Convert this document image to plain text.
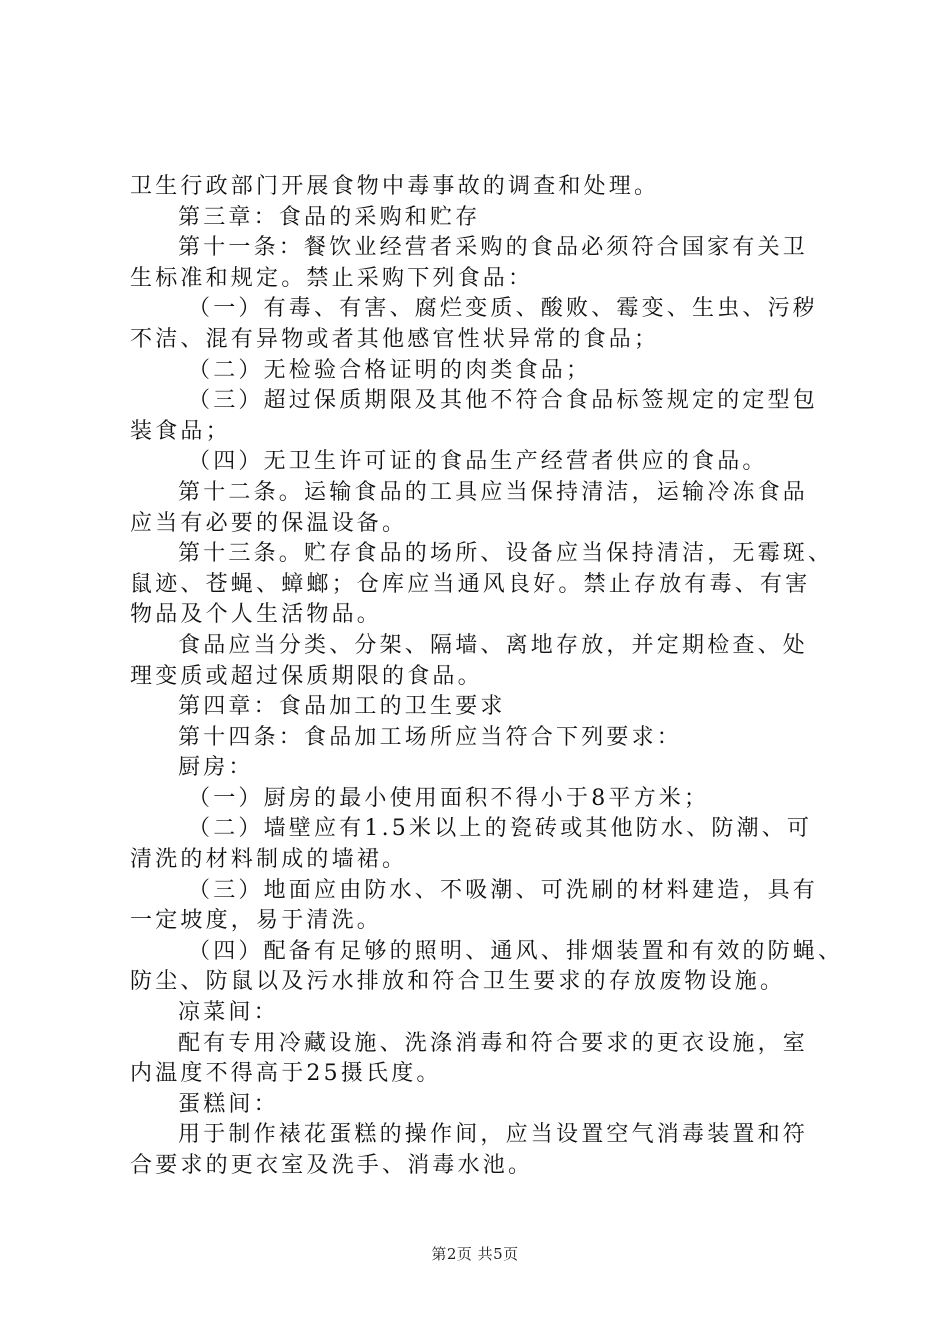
卫生行政部门开展食物中毒事故的调查和处理。
第三章：食品的采购和贮存
第十一条：餐饮业经营者采购的食品必须符合国家有关卫
生标准和规定。禁止采购下列食品：
（一）有毒、有害、腐烂变质、酸败、霉变、生虫、污秽
不洁、混有异物或者其他感官性状异常的食品；
（二）无检验合格证明的肉类食品；
（三）超过保质期限及其他不符合食品标签规定的定型包
装食品；
（四）无卫生许可证的食品生产经营者供应的食品。
第十二条。运输食品的工具应当保持清洁，运输冷冻食品
应当有必要的保温设备。
第十三条。贮存食品的场所、设备应当保持清洁，无霉斑、
鼠迹、苍蝇、蟑螂；仓库应当通风良好。禁止存放有毒、有害
物品及个人生活物品。
食品应当分类、分架、隔墙、离地存放，并定期检查、处
理变质或超过保质期限的食品。
第四章：食品加工的卫生要求
第十四条：食品加工场所应当符合下列要求：
厨房：
（一）厨房的最小使用面积不得小于8平方米；
（二）墙壁应有1.5米以上的瓷砖或其他防水、防潮、可
清洗的材料制成的墙裙。
（三）地面应由防水、不吸潮、可洗刷的材料建造，具有
一定坡度，易于清洗。
（四）配备有足够的照明、通风、排烟装置和有效的防蝇、
防尘、防鼠以及污水排放和符合卫生要求的存放废物设施。
凉菜间：
配有专用冷藏设施、洗涤消毒和符合要求的更衣设施，室
内温度不得高于25摄氏度。
蛋糕间：
用于制作裱花蛋糕的操作间，应当设置空气消毒装置和符
合要求的更衣室及洗手、消毒水池。
第2页 共5页
